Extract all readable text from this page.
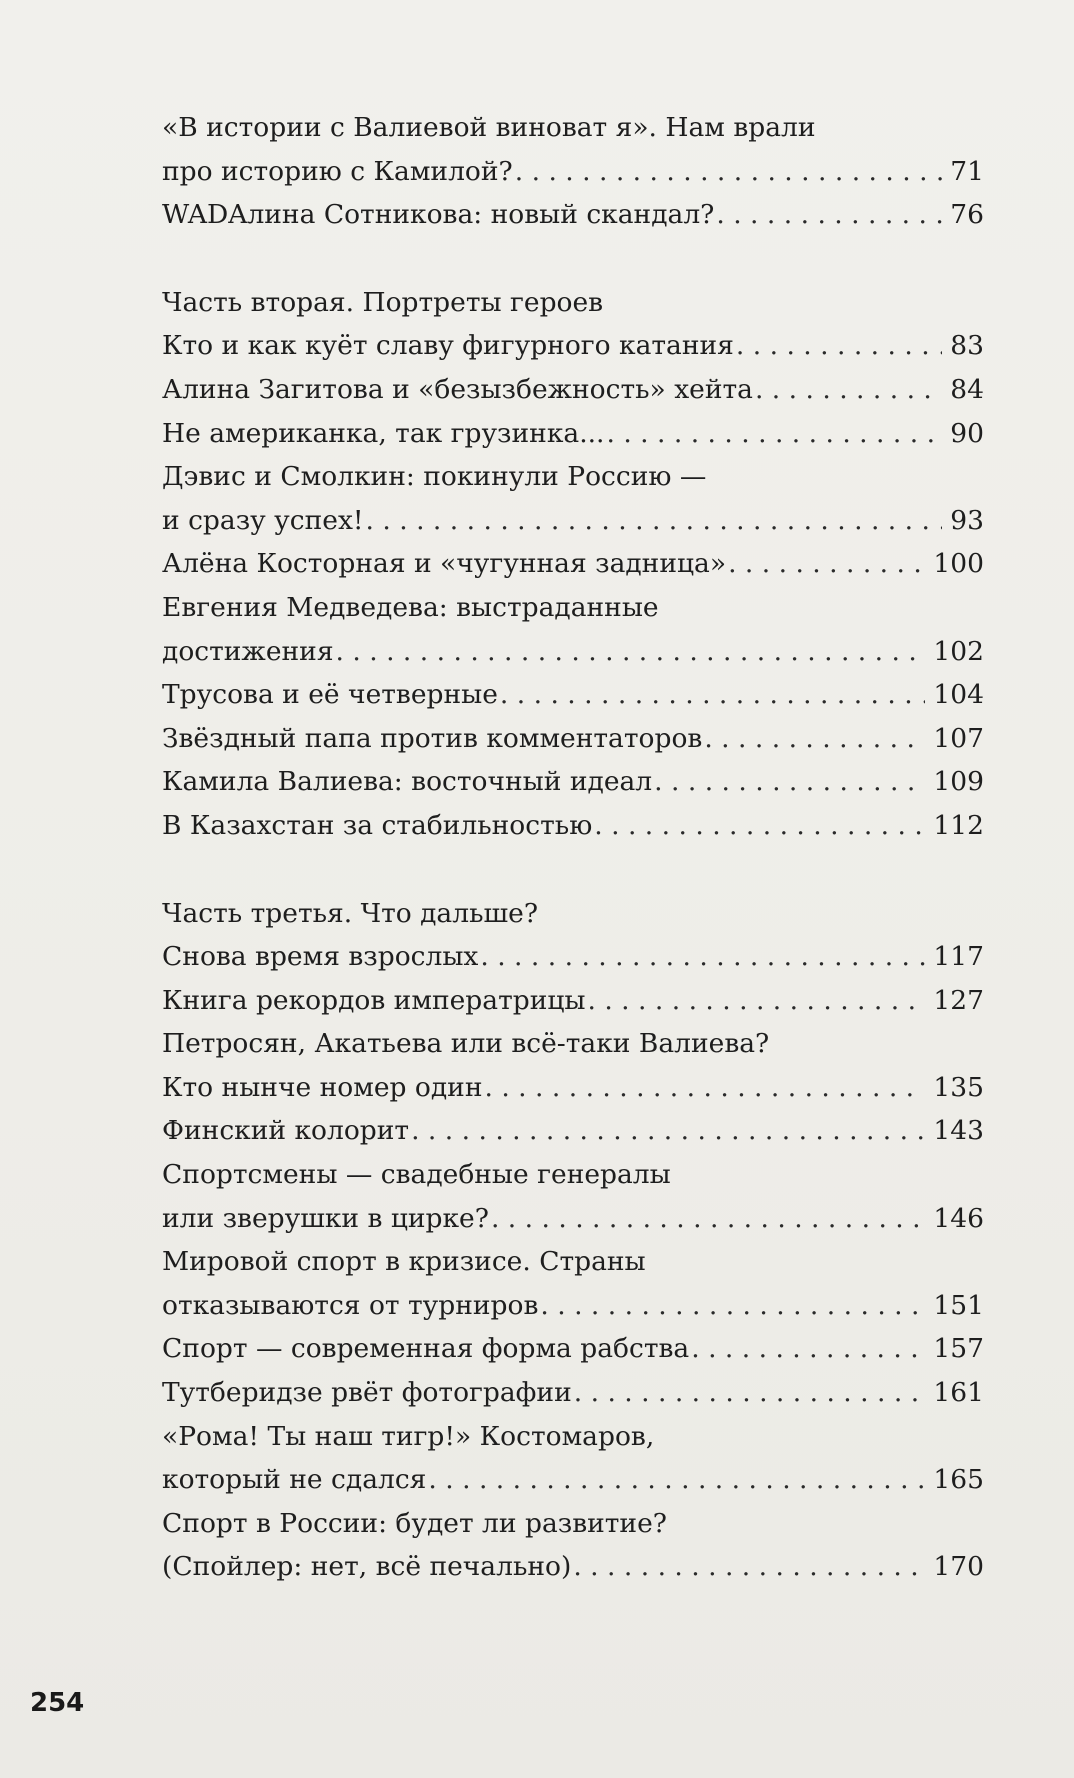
«В истории с Валиевой виноват я». Нам врали
про историю с Камилой? . . .	71
WADAлина Сотникова: новый скандал? . . .	76
Часть вторая. Портреты героев
Кто и как куёт славу фигурного катания . . .	83
Алина Загитова и «безызбежность» хейта . . .	84
Не американка, так грузинка... . . .	90
Дэвис и Смолкин: покинули Россию —
и сразу успех! . . .	93
Алёна Косторная и «чугунная задница» . . .	100
Евгения Медведева: выстраданные
достижения . . .	102
Трусова и её четверные . . .	104
Звёздный папа против комментаторов . . .	107
Камила Валиева: восточный идеал . . .	109
В Казахстан за стабильностью . . .	112
Часть третья. Что дальше?
Снова время взрослых . . .	117
Книга рекордов императрицы . . .	127
Петросян, Акатьева или всё-таки Валиева?
Кто нынче номер один . . .	135
Финский колорит . . .	143
Спортсмены — свадебные генералы
или зверушки в цирке? . . .	146
Мировой спорт в кризисе. Страны
отказываются от турниров . . .	151
Спорт — современная форма рабства . . .	157
Тутберидзе рвёт фотографии . . .	161
«Рома! Ты наш тигр!» Костомаров,
который не сдался . . .	165
Спорт в России: будет ли развитие?
(Спойлер: нет, всё печально) . . .	170
254
